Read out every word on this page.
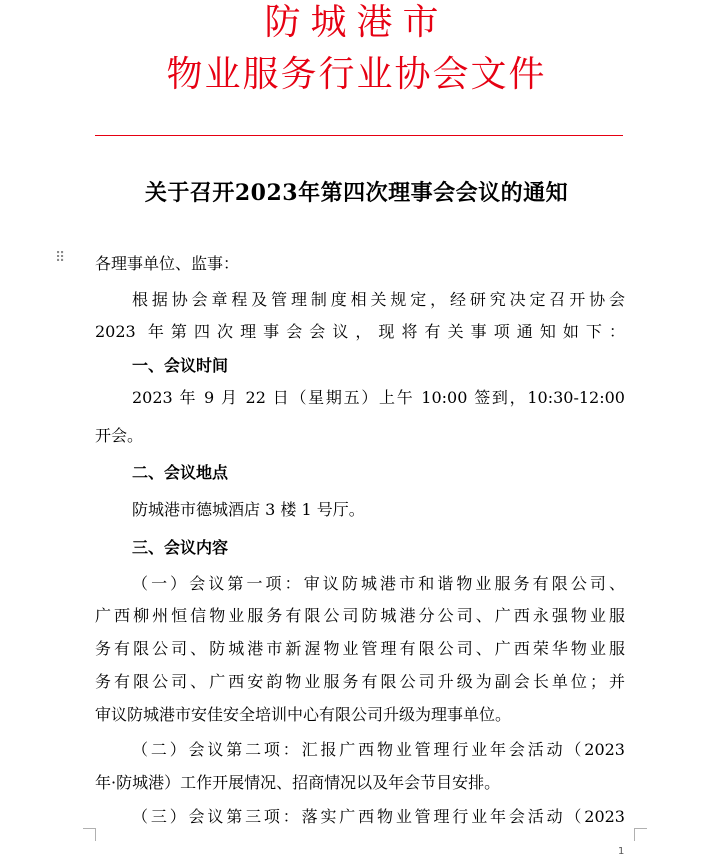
防城港市
物业服务行业协会文件
关于召开2023年第四次理事会会议的通知
⠿ 各理事单位、监事：
根据协会章程及管理制度相关规定，经研究决定召开协会
2023 年第四次理事会会议，现将有关事项通知如下：
一、会议时间
2023 年 9 月 22 日（星期五）上午 10:00 签到，10:30-12:00
开会。
二、会议地点
防城港市德城酒店 3 楼 1 号厅。
三、会议内容
（一）会议第一项：审议防城港市和谐物业服务有限公司、
广西柳州恒信物业服务有限公司防城港分公司、广西永强物业服
务有限公司、防城港市新渥物业管理有限公司、广西荣华物业服
务有限公司、广西安韵物业服务有限公司升级为副会长单位；并
审议防城港市安佳安全培训中心有限公司升级为理事单位。
（二）会议第二项：汇报广西物业管理行业年会活动（2023
年·防城港）工作开展情况、招商情况以及年会节目安排。
（三）会议第三项：落实广西物业管理行业年会活动（2023
1
